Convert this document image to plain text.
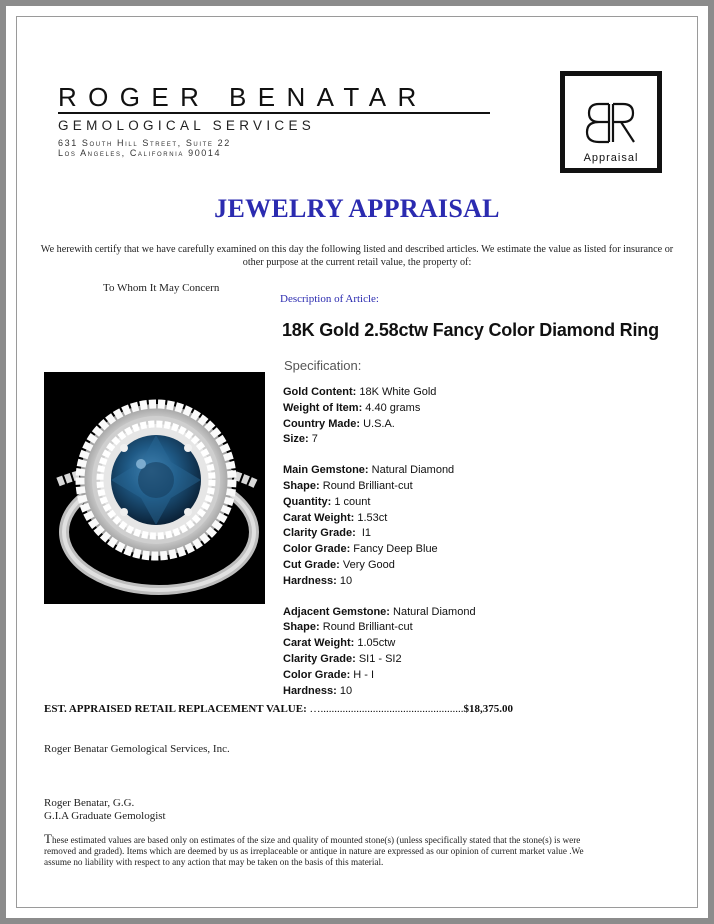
ROGER BENATAR
GEMOLOGICAL SERVICES
631 South Hill Street, Suite 22
Los Angeles, California 90014	Appraisal
JEWELRY APPRAISAL
We herewith certify that we have carefully examined on this day the following listed and described articles. We estimate the value as listed for insurance or other purpose at the current retail value, the property of:
To Whom It May Concern
Description of Article:
18K Gold 2.58ctw Fancy Color Diamond Ring
Specification:
Gold Content: 18K White Gold
Weight of Item: 4.40 grams
Country Made: U.S.A.
Size: 7
Main Gemstone: Natural Diamond
Shape: Round Brilliant-cut
Quantity: 1 count
Carat Weight: 1.53ct
Clarity Grade: I1
Color Grade: Fancy Deep Blue
Cut Grade: Very Good
Hardness: 10
Adjacent Gemstone: Natural Diamond
Shape: Round Brilliant-cut
Carat Weight: 1.05ctw
Clarity Grade: SI1 - SI2
Color Grade: H - I
Hardness: 10
EST. APPRAISED RETAIL REPLACEMENT VALUE: …....................................................$18,375.00
Roger Benatar Gemological Services, Inc.
Roger Benatar, G.G.
G.I.A Graduate Gemologist
These estimated values are based only on estimates of the size and quality of mounted stone(s) (unless specifically stated that the stone(s) is were removed and graded). Items which are deemed by us as irreplaceable or antique in nature are expressed as our opinion of current market value .We assume no liability with respect to any action that may be taken on the basis of this material.
